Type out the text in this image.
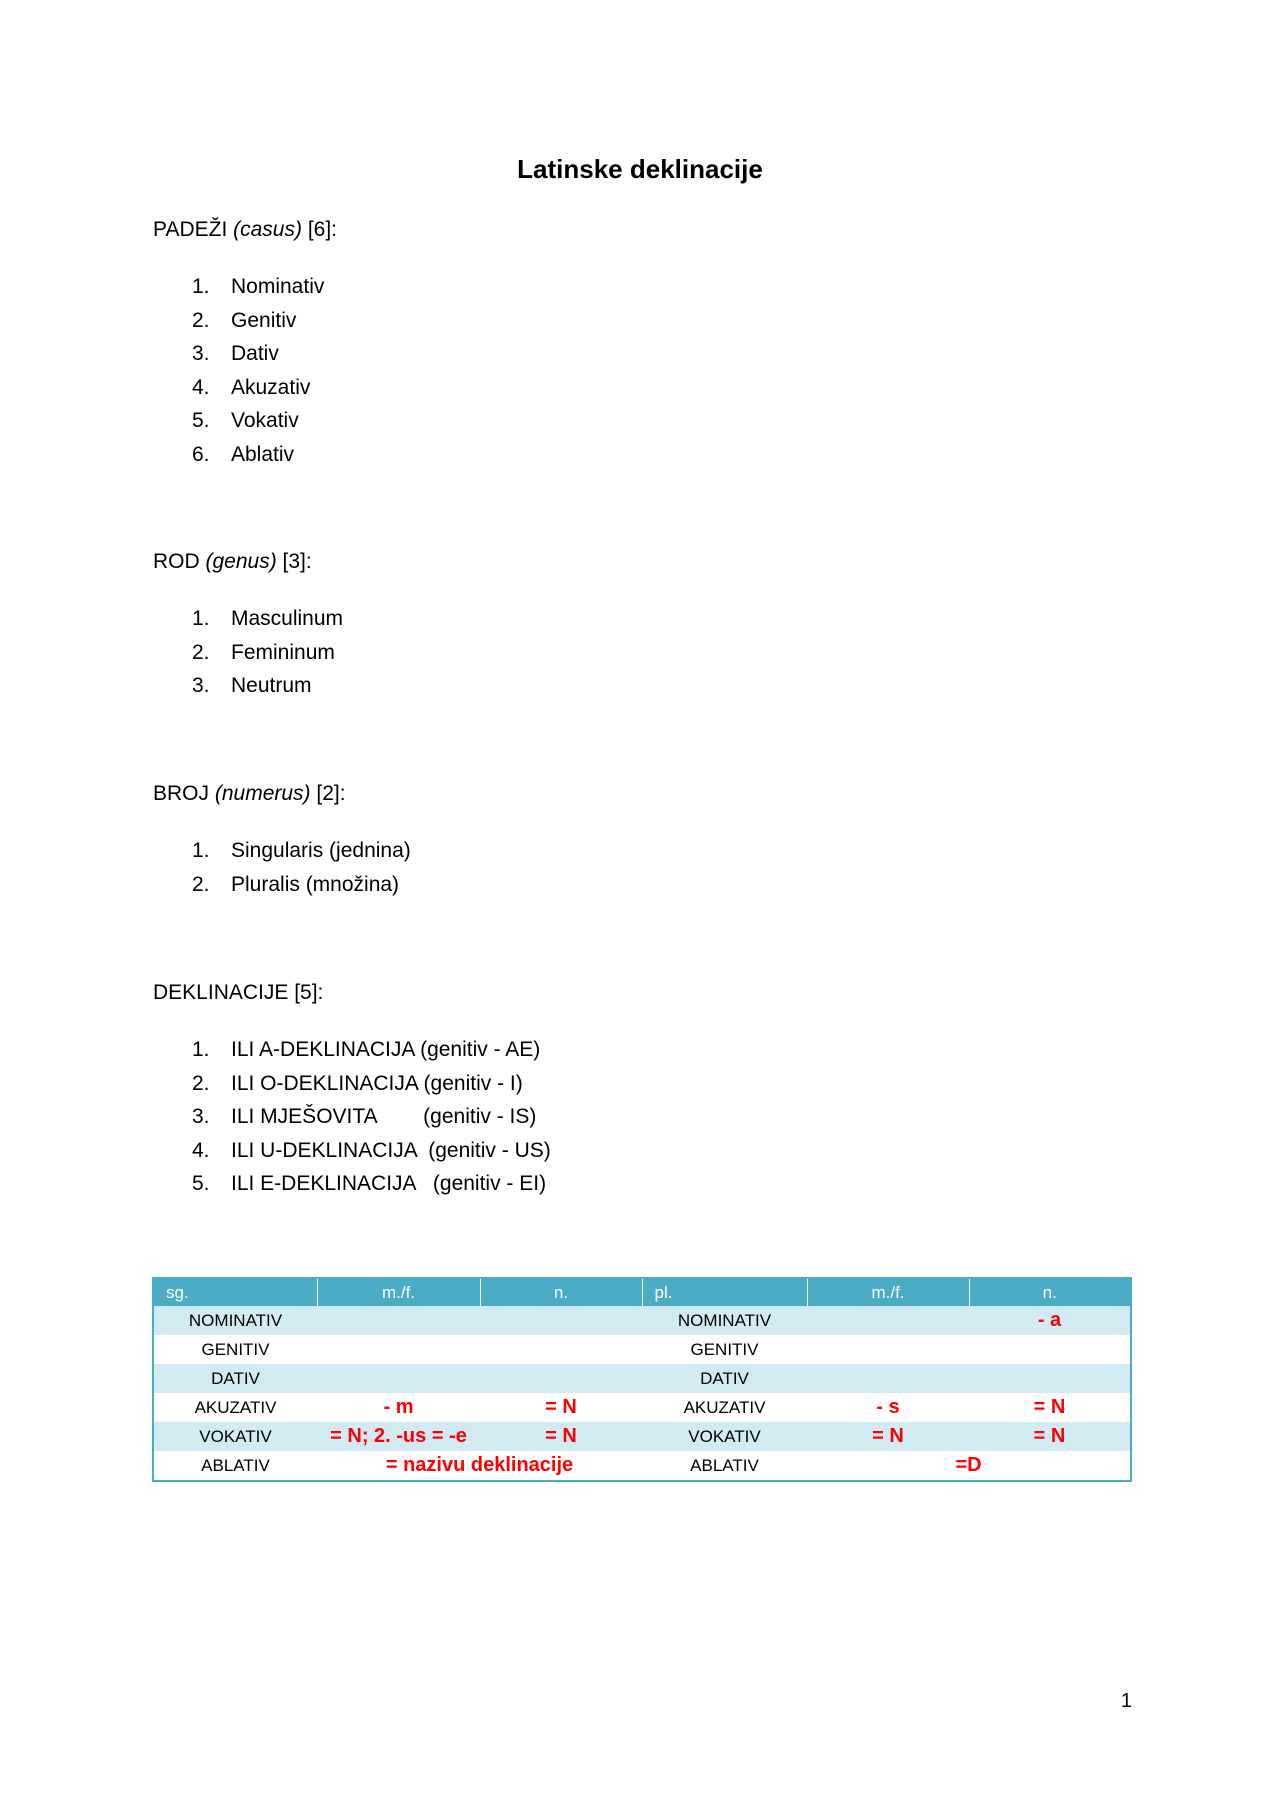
Latinske deklinacije
PADEŽI (casus) [6]:
1. Nominativ
2. Genitiv
3. Dativ
4. Akuzativ
5. Vokativ
6. Ablativ
ROD (genus) [3]:
1. Masculinum
2. Femininum
3. Neutrum
BROJ (numerus) [2]:
1. Singularis (jednina)
2. Pluralis (množina)
DEKLINACIJE [5]:
1. ILI A-DEKLINACIJA (genitiv - AE)
2. ILI O-DEKLINACIJA (genitiv - I)
3. ILI MJEŠOVITA        (genitiv - IS)
4. ILI U-DEKLINACIJA  (genitiv - US)
5. ILI E-DEKLINACIJA   (genitiv - EI)
sg.	m./f.	n.	pl.	m./f.	n.
NOMINATIV			NOMINATIV		- a
GENITIV			GENITIV		
DATIV			DATIV		
AKUZATIV	- m	= N	AKUZATIV	- s	= N
VOKATIV	= N; 2. -us = -e	= N	VOKATIV	= N	= N
ABLATIV	= nazivu deklinacije		ABLATIV	=D	
1
